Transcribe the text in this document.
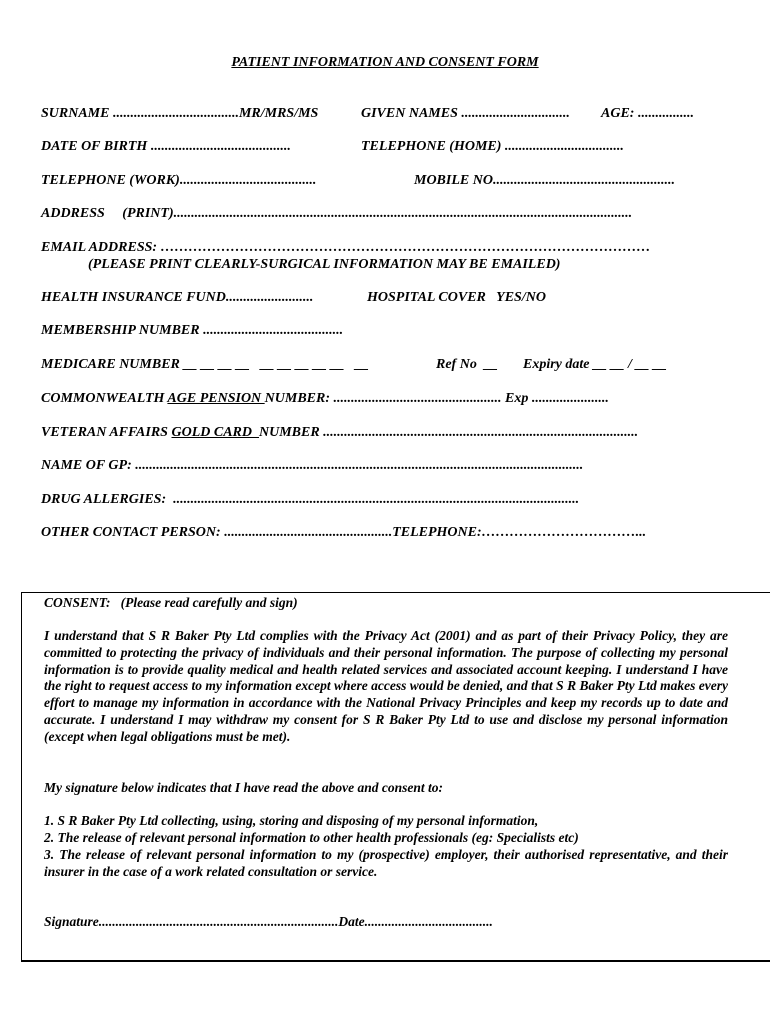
PATIENT INFORMATION AND CONSENT FORM
SURNAME ....................................MR/MRS/MS	GIVEN NAMES ............................... AGE: ................
DATE OF BIRTH ........................................	TELEPHONE (HOME) ..................................
TELEPHONE (WORK).......................................	MOBILE NO....................................................
ADDRESS     (PRINT)...................................................................................................................................
EMAIL ADDRESS: ……………………………………………………………………………………………
(PLEASE PRINT CLEARLY-SURGICAL INFORMATION MAY BE EMAILED)
HEALTH INSURANCE FUND.........................	HOSPITAL COVER   YES/NO
MEMBERSHIP NUMBER ........................................
MEDICARE NUMBER __ __ __ __   __ __ __ __ __   __	Ref No  __ Expiry date __ __ / __ __
COMMONWEALTH AGE PENSION NUMBER: ................................................ Exp ......................
VETERAN AFFAIRS GOLD CARD  NUMBER ..........................................................................................
NAME OF GP: ................................................................................................................................
DRUG ALLERGIES:  ....................................................................................................................
OTHER CONTACT PERSON: ................................................TELEPHONE:……………………………...
CONSENT:   (Please read carefully and sign)
I understand that S R Baker Pty Ltd complies with the Privacy Act (2001) and as part of their Privacy Policy, they are committed to protecting the privacy of individuals and their personal information. The purpose of collecting my personal information is to provide quality medical and health related services and associated account keeping. I understand I have the right to request access to my information except where access would be denied, and that S R Baker Pty Ltd makes every effort to manage my information in accordance with the National Privacy Principles and keep my records up to date and accurate. I understand I may withdraw my consent for S R Baker Pty Ltd to use and disclose my personal information (except when legal obligations must be met).
My signature below indicates that I have read the above and consent to:
1. S R Baker Pty Ltd collecting, using, storing and disposing of my personal information,
2. The release of relevant personal information to other health professionals (eg: Specialists etc)
3. The release of relevant personal information to my (prospective) employer, their authorised representative, and their insurer in the case of a work related consultation or service.
Signature.......................................................................Date......................................
